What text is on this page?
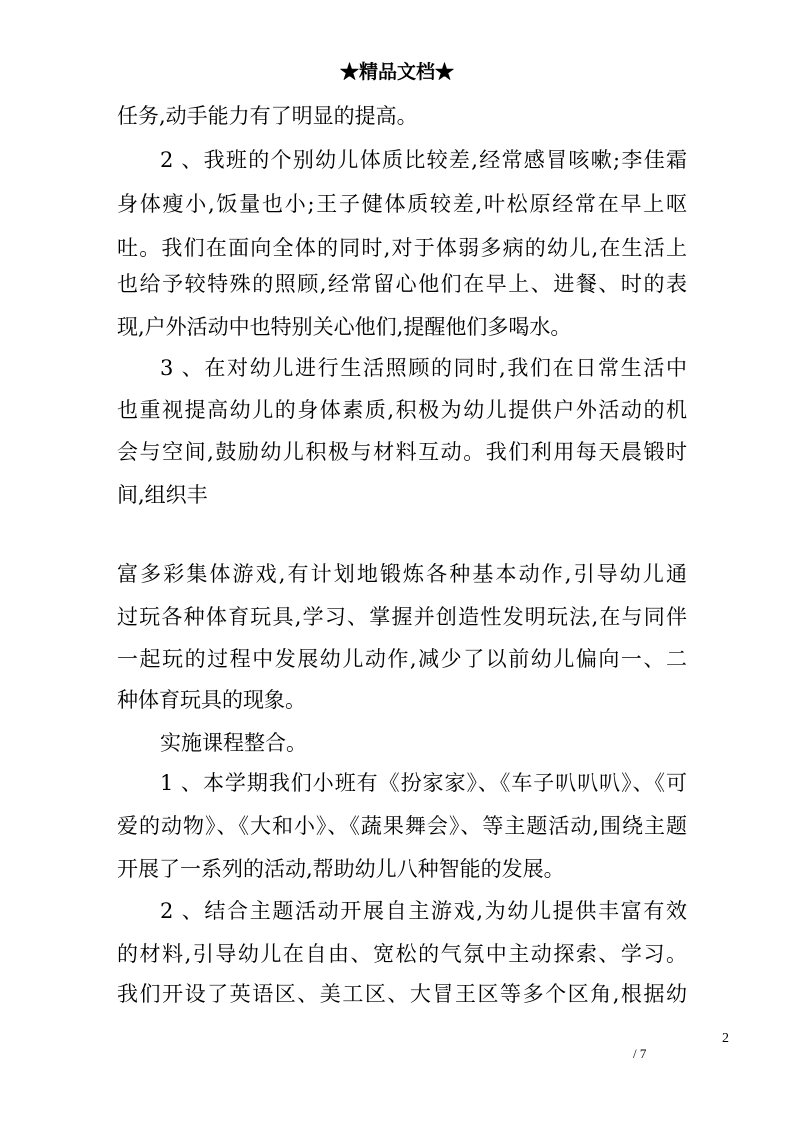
★精品文档★
任务,动手能力有了明显的提高。
2 、我班的个别幼儿体质比较差,经常感冒咳嗽;李佳霜
身体瘦小,饭量也小;王子健体质较差,叶松原经常在早上呕
吐。我们在面向全体的同时,对于体弱多病的幼儿,在生活上
也给予较特殊的照顾,经常留心他们在早上、进餐、时的表
现,户外活动中也特别关心他们,提醒他们多喝水。
3 、在对幼儿进行生活照顾的同时,我们在日常生活中
也重视提高幼儿的身体素质,积极为幼儿提供户外活动的机
会与空间,鼓励幼儿积极与材料互动。我们利用每天晨锻时
间,组织丰
富多彩集体游戏,有计划地锻炼各种基本动作,引导幼儿通
过玩各种体育玩具,学习、掌握并创造性发明玩法,在与同伴
一起玩的过程中发展幼儿动作,减少了以前幼儿偏向一、二
种体育玩具的现象。
实施课程整合。
1 、本学期我们小班有《扮家家》、《车子叭叭叭》、《可
爱的动物》、《大和小》、《蔬果舞会》、等主题活动,围绕主题
开展了一系列的活动,帮助幼儿八种智能的发展。
2 、结合主题活动开展自主游戏,为幼儿提供丰富有效
的材料,引导幼儿在自由、宽松的气氛中主动探索、学习。
我们开设了英语区、美工区、大冒王区等多个区角,根据幼
2
/ 7
